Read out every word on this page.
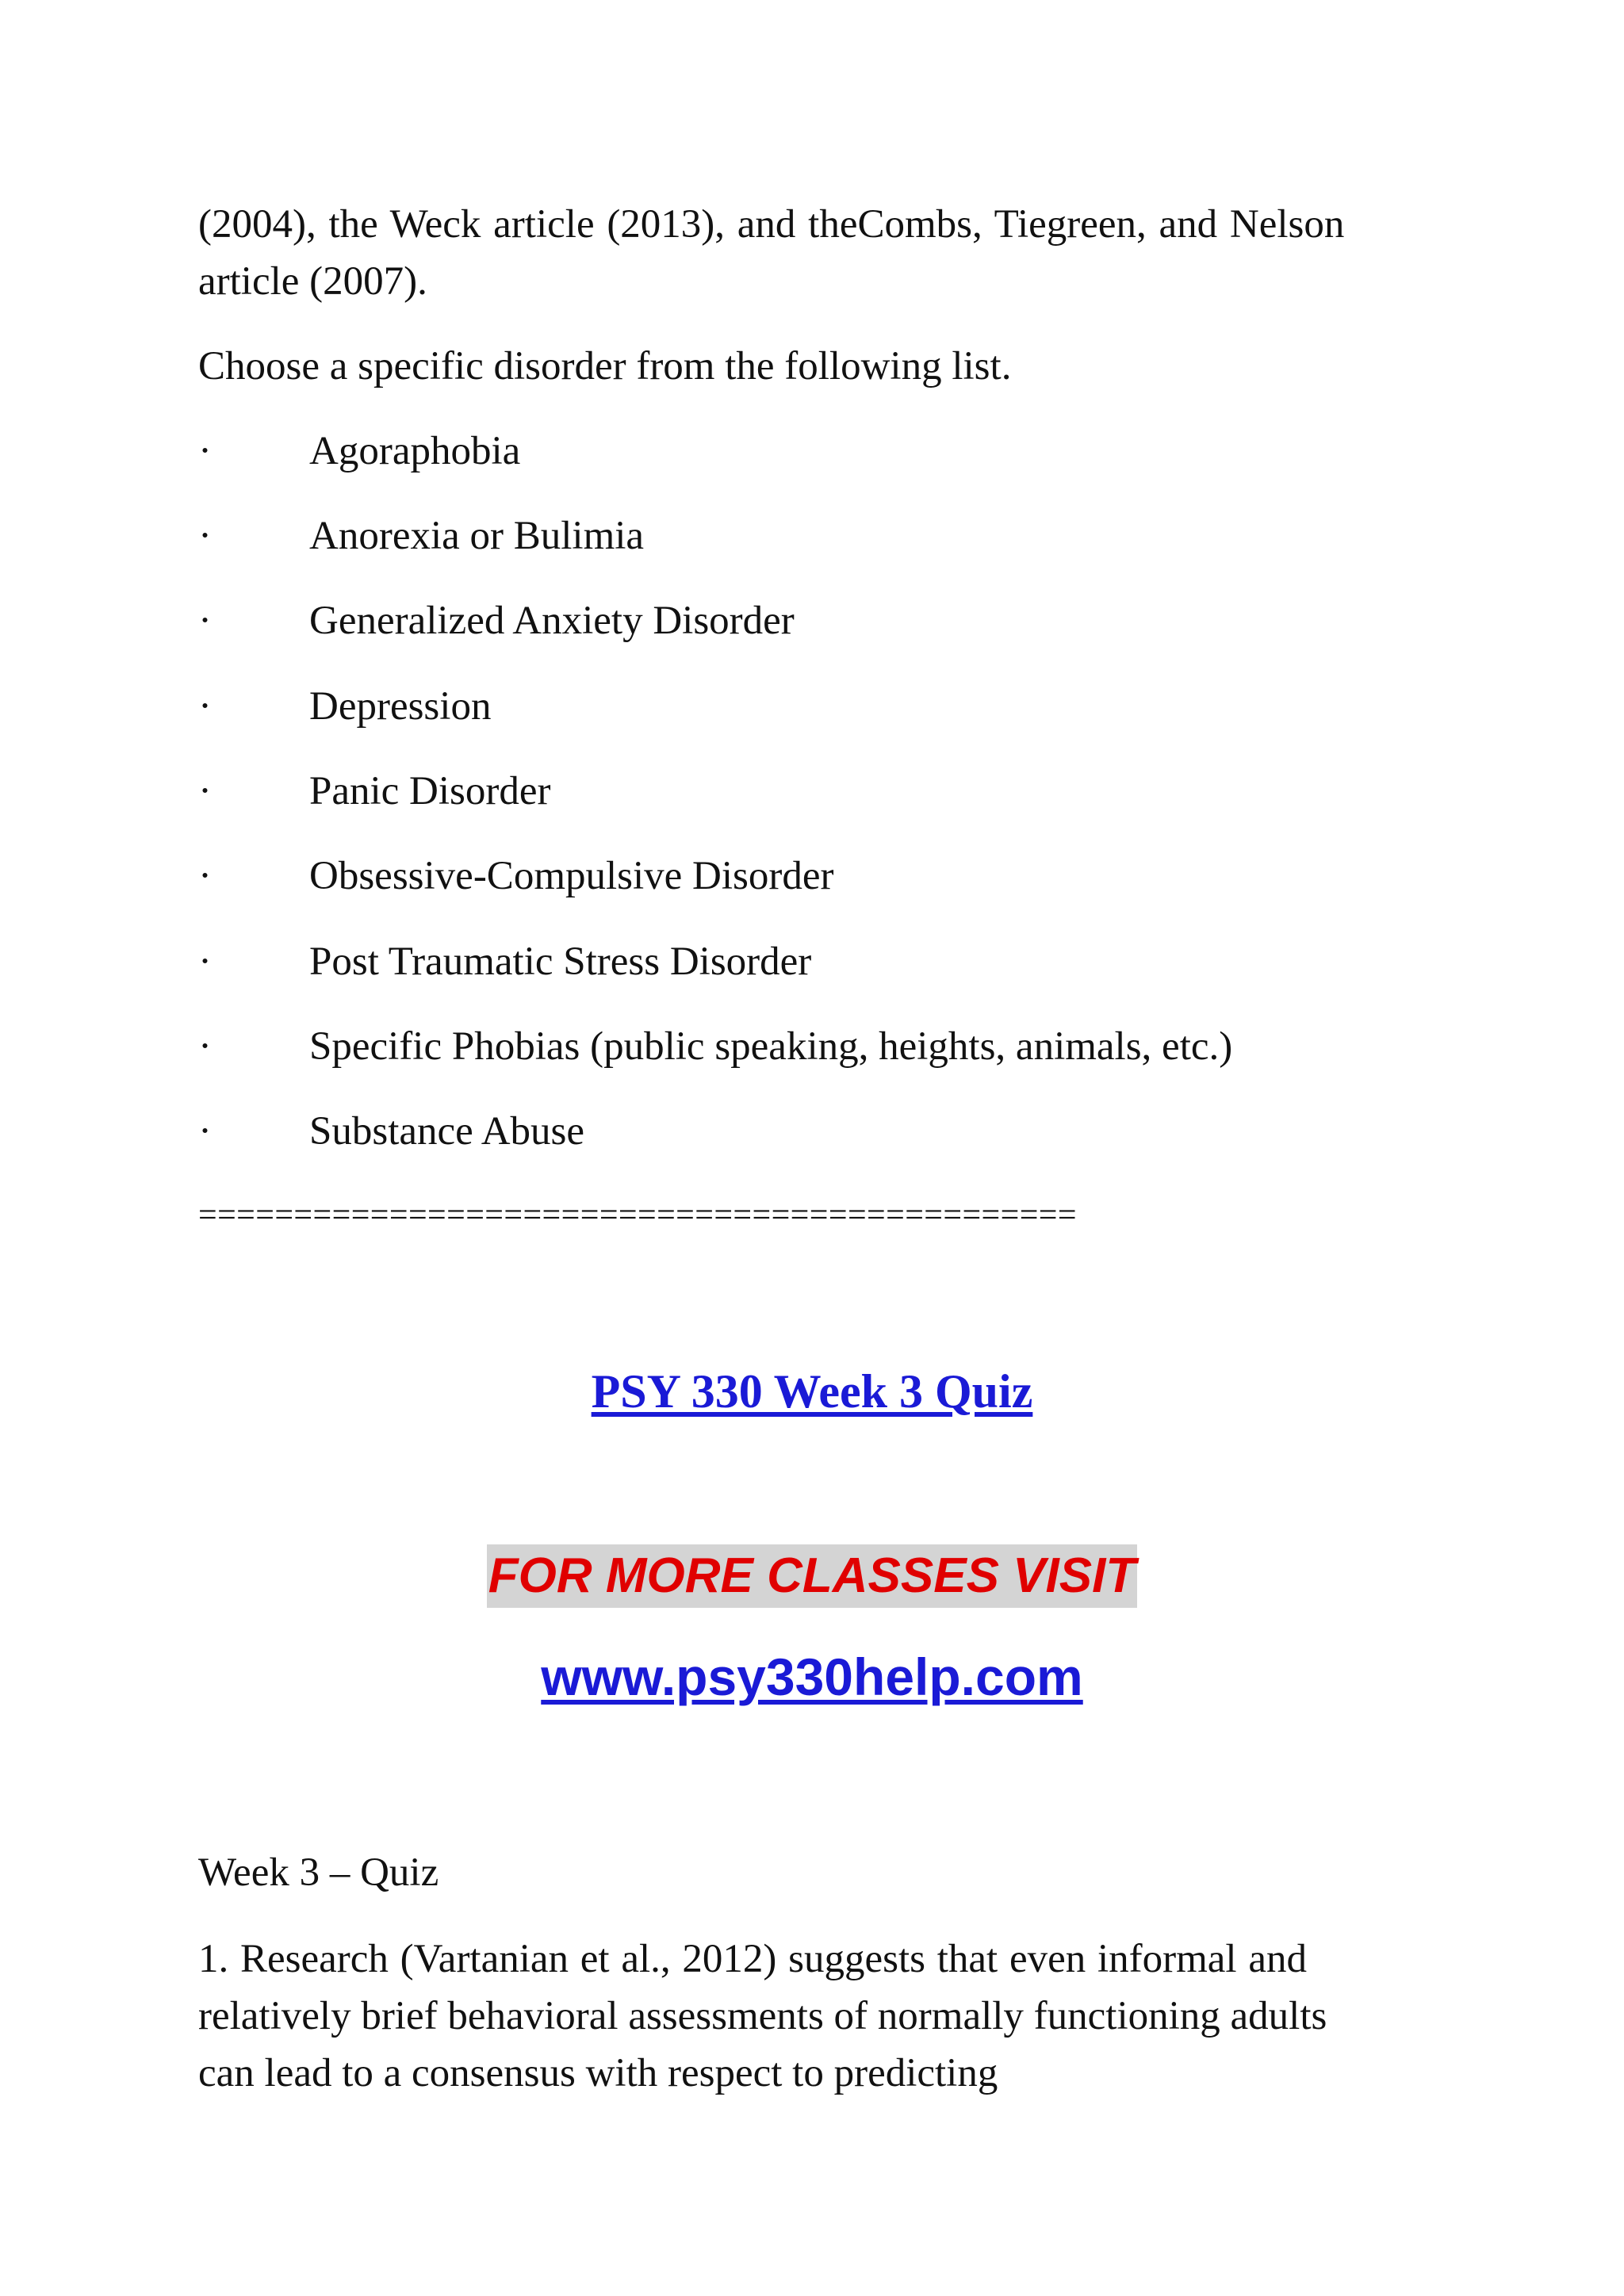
(2004), the Weck article (2013), and theCombs, Tiegreen, and Nelson
article (2007).
Choose a specific disorder from the following list.
· Agoraphobia
· Anorexia or Bulimia
· Generalized Anxiety Disorder
· Depression
· Panic Disorder
· Obsessive-Compulsive Disorder
· Post Traumatic Stress Disorder
· Specific Phobias (public speaking, heights, animals, etc.)
· Substance Abuse
==============================================
PSY 330 Week 3 Quiz
FOR MORE CLASSES VISIT
www.psy330help.com
Week 3 – Quiz
1. Research (Vartanian et al., 2012) suggests that even informal and
relatively brief behavioral assessments of normally functioning adults
can lead to a consensus with respect to predicting
